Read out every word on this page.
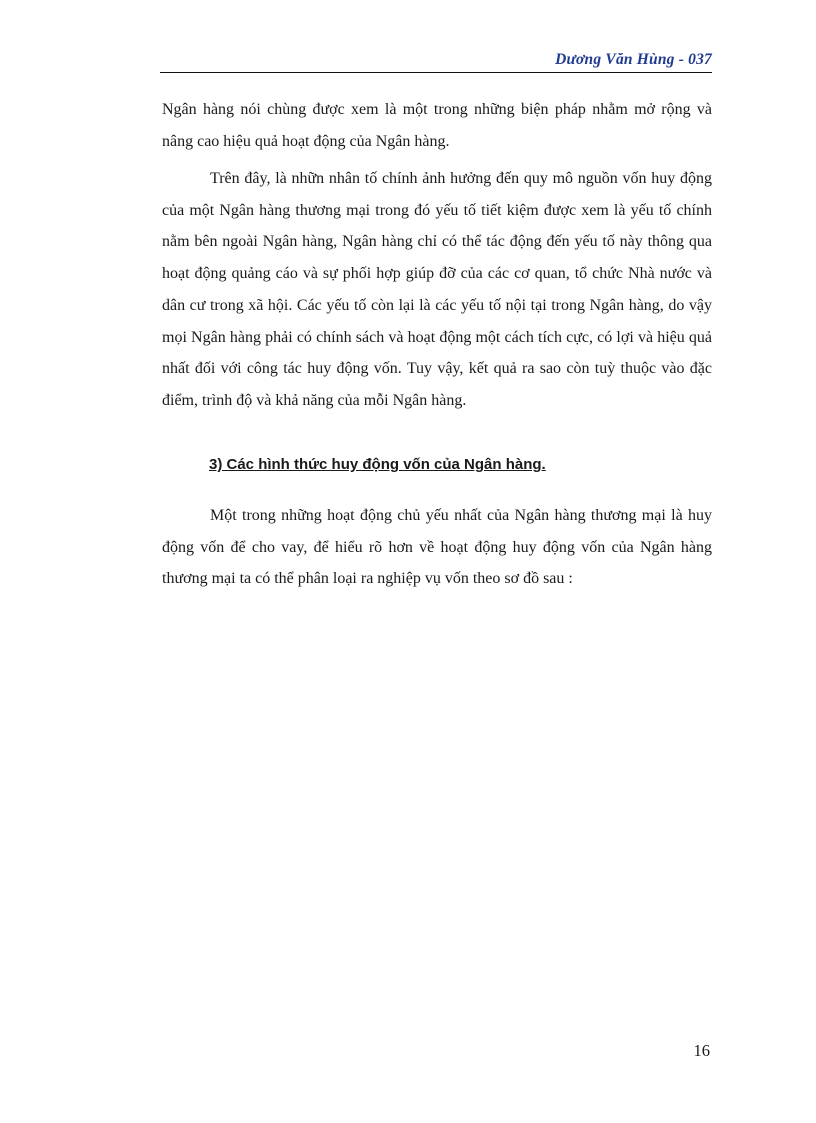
Dương Văn Hùng - 037

Ngân hàng nói chùng được xem là một trong những biện pháp nhằm mở rộng và nâng cao hiệu quả hoạt động của Ngân hàng.

Trên đây, là nhữn nhân tố chính ảnh hưởng đến quy mô nguồn vốn huy động của một Ngân hàng thương mại trong đó yếu tố tiết kiệm được xem là yếu tố chính nằm bên ngoài Ngân hàng, Ngân hàng chỉ có thể tác động đến yếu tố này thông qua hoạt động quảng cáo và sự phối hợp giúp đỡ của các cơ quan, tổ chức Nhà nước và dân cư trong xã hội. Các yếu tố còn lại là các yếu tố nội tại trong Ngân hàng, do vậy mọi Ngân hàng phải có chính sách và hoạt động một cách tích cực, có lợi và hiệu quả nhất đối với công tác huy động vốn. Tuy vậy, kết quả ra sao còn tuỳ thuộc vào đặc điểm, trình độ và khả năng của mỗi Ngân hàng.

3) Các hình thức huy động vốn của Ngân hàng.

Một trong những hoạt động chủ yếu nhất của Ngân hàng thương mại là huy động vốn để cho vay, để hiểu rõ hơn về hoạt động huy động vốn của Ngân hàng thương mại ta có thể phân loại ra nghiệp vụ vốn theo sơ đồ sau :

16
